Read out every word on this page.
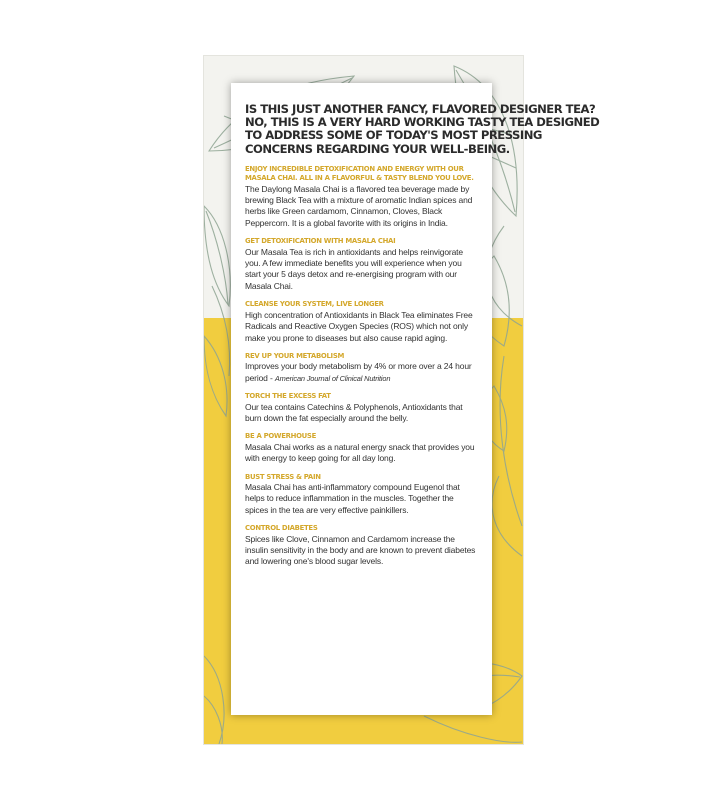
IS THIS JUST ANOTHER FANCY, FLAVORED DESIGNER TEA?
NO, THIS IS A VERY HARD WORKING TASTY TEA DESIGNED
TO ADDRESS SOME OF TODAY'S MOST PRESSING
CONCERNS REGARDING YOUR WELL-BEING.
ENJOY INCREDIBLE DETOXIFICATION AND ENERGY WITH OUR MASALA CHAI. ALL IN A FLAVORFUL & TASTY BLEND YOU LOVE.
The Daylong Masala Chai is a flavored tea beverage made by brewing Black Tea with a mixture of aromatic Indian spices and herbs like Green cardamom, Cinnamon, Cloves, Black Peppercorn. It is a global favorite with its origins in India.
GET DETOXIFICATION WITH MASALA CHAI
Our Masala Tea is rich in antioxidants and helps reinvigorate you. A few immediate benefits you will experience when you start your 5 days detox and re-energising program with our Masala Chai.
CLEANSE YOUR SYSTEM, LIVE LONGER
High concentration of Antioxidants in Black Tea eliminates Free Radicals and Reactive Oxygen Species (ROS) which not only make you prone to diseases but also cause rapid aging.
REV UP YOUR METABOLISM
Improves your body metabolism by 4% or more over a 24 hour period - American Journal of Clinical Nutrition
TORCH THE EXCESS FAT
Our tea contains Catechins & Polyphenols, Antioxidants that burn down the fat especially around the belly.
BE A POWERHOUSE
Masala Chai works as a natural energy snack that provides you with energy to keep going for all day long.
BUST STRESS & PAIN
Masala Chai has anti-inflammatory compound Eugenol that helps to reduce inflammation in the muscles. Together the spices in the tea are very effective painkillers.
CONTROL DIABETES
Spices like Clove, Cinnamon and Cardamom increase the insulin sensitivity in the body and are known to prevent diabetes and lowering one's blood sugar levels.
